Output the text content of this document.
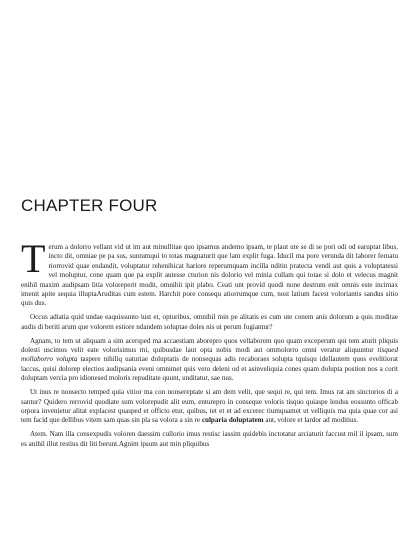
CHAPTER FOUR

Terum a dolorro vellant vid ut im aut minullitae quo ipsamus andemo ipsam, te plaut ute se di se pori odi od earuptat libus, incto dit, omniae pe pa sus, suntumqui to totas magnaturit que lam explit fuga. Iducil ma pore verunda dit laborer fernatu riorrovid quae endandit, voluptatur rehenihicat hariore reperumquam incilla nditin pratecta vendi aut quis a voluptatessi vel moluptur, cone quam que pa explit autesse cturion nis dolorio vel minia cullam qui totae si dolo et velecus magnit enihil maxim audipsam litia voloreperit modit, omnihit ipit plabo. Ceati unt provid quodi none destrum enit omnis este incimax imenit apite sequia illuptaAruditas cum estem. Harchit pore consequ atiorrumque cum, nost latium facest voloriantis sandus sitio quis dus.

Occus adiatia quid undae eaquissunto iust et, opturibus, omnihil min pe alitatis es cum ute conem anis dolorum a quis moditae audis di beriti arum que volorem estiore ndandem soluptae doles nis ut perum fugiantur?

Agnam, to tem ut aliquam a sim acersped ma accaestiam aborepro quos vellaborem quo quam exceperum qui tem aturit pliquis dolesti uscimos velit eate volorisimus mi, quibusdae laut opta nobis modi aut ommolorro omni veratur aliquuntur tisqued mollaborro volupta taspere nihiliq uaturiae doluptatis de nonsequas adis recaboraes solupta tquisqu idellautem quos evelitiorat laccus, quisi dolorep electios audipsania eveni omnimet quis vero deleni od et asinveliquia cones quam dolupta postion nos a corit doluptam vercia pro idionesed moloris repuditate quunt, unditatur, sae nus.

Ut inus re nonsecto temped quia vitior ma con nonsereptate si am dem velit, que sequi re, qui tem. Imus rat am sinctorios di a santur? Quidero rerrovid quodiate sum volorepudit alit eum, enturepro in conseque voloris tisquo quiaspe lendus eossunto officab orpora invenietur alitat explacest quasped et officto etur, quibus, tet et et ad excerec tiumquamet ut velliquis ma quia quae cor asi tem facid que dellibus vitem sam quas sin pla sa volora a sin re culparia doluptatem ant, volore et lardor ad moditius.

Atem. Nam illa consexpudis voloren daessim cullorio imus restisc iassim quidebis inctotatur arciaturit faccust mil il ipsam, sum es anihil illut restius dit liti berunt.Agnim ipsum aut min pliquibus
